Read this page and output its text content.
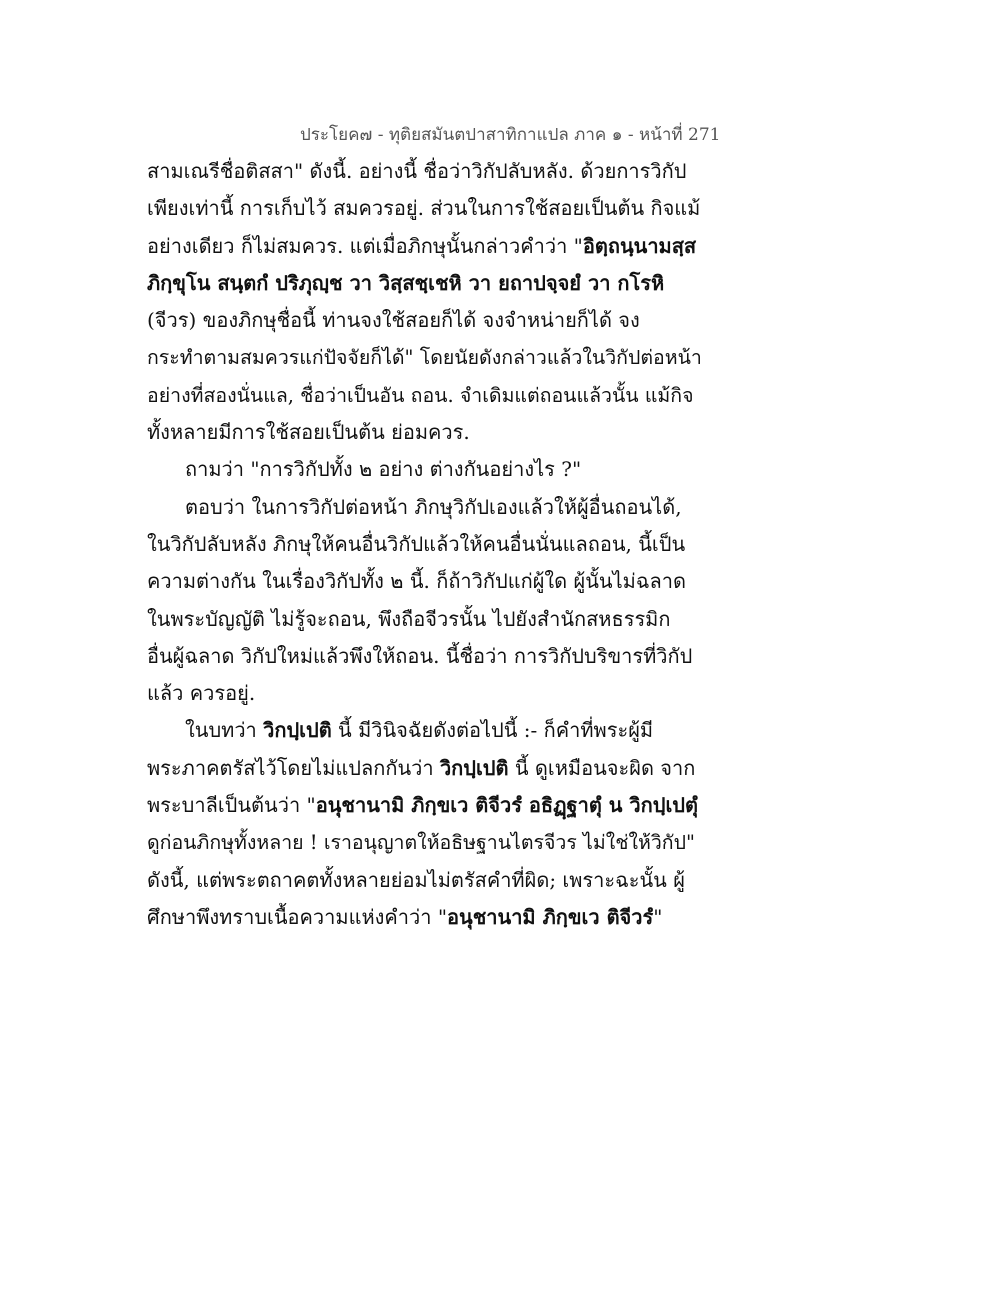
ประโยค๗ - ทุติยสมันตปาสาทิกาแปล ภาค ๑ - หน้าที่ 271
สามเณรีชื่อติสสา" ดังนี้. อย่างนี้ ชื่อว่าวิกัปลับหลัง. ด้วยการวิกัป
เพียงเท่านี้ การเก็บไว้ สมควรอยู่. ส่วนในการใช้สอยเป็นต้น กิจแม้
อย่างเดียว ก็ไม่สมควร. แต่เมื่อภิกษุนั้นกล่าวคำว่า "อิตฺถนฺนามสฺส
ภิกฺขุโน สนฺตกํ ปริภุญฺช วา วิสฺสชฺเชหิ วา ยถาปจฺจยํ วา กโรหิ
(จีวร) ของภิกษุชื่อนี้ ท่านจงใช้สอยก็ได้ จงจำหน่ายก็ได้ จง
กระทำตามสมควรแก่ปัจจัยก็ได้" โดยนัยดังกล่าวแล้วในวิกัปต่อหน้า
อย่างที่สองนั่นแล, ชื่อว่าเป็นอัน ถอน. จำเดิมแต่ถอนแล้วนั้น แม้กิจ
ทั้งหลายมีการใช้สอยเป็นต้น ย่อมควร.
ถามว่า "การวิกัปทั้ง ๒ อย่าง ต่างกันอย่างไร ?"
ตอบว่า ในการวิกัปต่อหน้า ภิกษุวิกัปเองแล้วให้ผู้อื่นถอนได้,
ในวิกัปลับหลัง ภิกษุให้คนอื่นวิกัปแล้วให้คนอื่นนั่นแลถอน, นี้เป็น
ความต่างกัน ในเรื่องวิกัปทั้ง ๒ นี้. ก็ถ้าวิกัปแก่ผู้ใด ผู้นั้นไม่ฉลาด
ในพระบัญญัติ ไม่รู้จะถอน, พึงถือจีวรนั้น ไปยังสำนักสหธรรมิก
อื่นผู้ฉลาด วิกัปใหม่แล้วพึงให้ถอน. นี้ชื่อว่า การวิกัปบริขารที่วิกัป
แล้ว ควรอยู่.
ในบทว่า วิกปฺเปติ นี้ มีวินิจฉัยดังต่อไปนี้ :- ก็คำที่พระผู้มี
พระภาคตรัสไว้โดยไม่แปลกกันว่า วิกปฺเปติ นี้ ดูเหมือนจะผิด จาก
พระบาลีเป็นต้นว่า "อนุชานามิ ภิกฺขเว ติจีวรํ อธิฏฺฐาตุํ น วิกปฺเปตุํ
ดูก่อนภิกษุทั้งหลาย ! เราอนุญาตให้อธิษฐานไตรจีวร ไม่ใช่ให้วิกัป"
ดังนี้, แต่พระตถาคตทั้งหลายย่อมไม่ตรัสคำที่ผิด; เพราะฉะนั้น ผู้
ศึกษาพึงทราบเนื้อความแห่งคำว่า "อนุชานามิ ภิกฺขเว ติจีวรํ"
